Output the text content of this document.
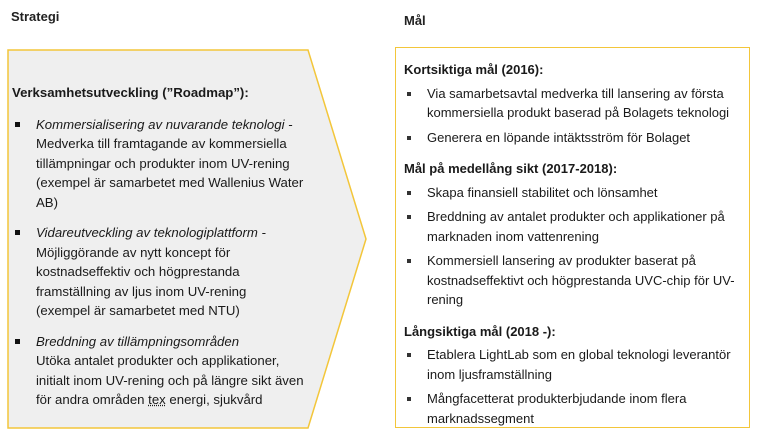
Strategi	Mål
Verksamhetsutveckling (”Roadmap”):
Kommersialisering av nuvarande teknologi - Medverka till framtagande av kommersiella tillämpningar och produkter inom UV-rening (exempel är samarbetet med Wallenius Water AB)
Vidareutveckling av teknologiplattform - Möjliggörande av nytt koncept för kostnadseffektiv och högprestanda framställning av ljus inom UV-rening (exempel är samarbetet med NTU)
Breddning av tillämpningsområden
Utöka antalet produkter och applikationer, initialt inom UV-rening och på längre sikt även för andra områden tex energi, sjukvård
Kortsiktiga mål (2016):
Via samarbetsavtal medverka till lansering av första kommersiella produkt baserad på Bolagets teknologi
Generera en löpande intäktsström för Bolaget
Mål på medellång sikt (2017-2018):
Skapa finansiell stabilitet och lönsamhet
Breddning av antalet produkter och applikationer på marknaden inom vattenrening
Kommersiell lansering av produkter baserat på kostnadseffektivt och högprestanda UVC-chip för UV-rening
Långsiktiga mål (2018 -):
Etablera LightLab som en global teknologi leverantör inom ljusframställning
Mångfacetterat produkterbjudande inom flera marknadssegment
